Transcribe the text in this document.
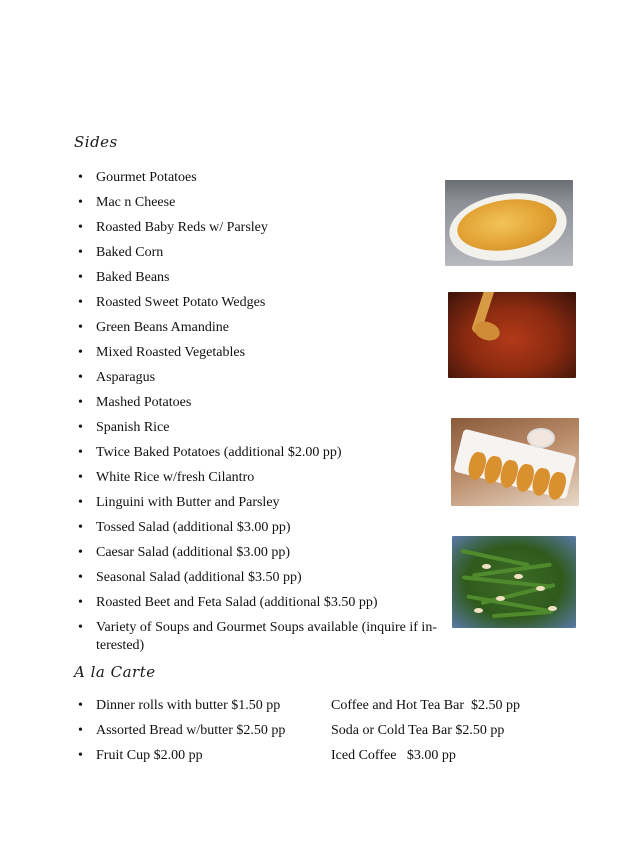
Sides
• Gourmet Potatoes
• Mac n Cheese
• Roasted Baby Reds w/ Parsley
• Baked Corn
• Baked Beans
• Roasted Sweet Potato Wedges
• Green Beans Amandine
• Mixed Roasted Vegetables
• Asparagus
• Mashed Potatoes
• Spanish Rice
• Twice Baked Potatoes (additional $2.00 pp)
• White Rice w/fresh Cilantro
• Linguini with Butter and Parsley
• Tossed Salad (additional $3.00 pp)
• Caesar Salad (additional $3.00 pp)
• Seasonal Salad (additional $3.50 pp)
• Roasted Beet and Feta Salad (additional $3.50 pp)
• Variety of Soups and Gourmet Soups available (inquire if in-terested)
A la Carte
• Dinner rolls with butter $1.50 pp
• Assorted Bread w/butter $2.50 pp
• Fruit Cup $2.00 pp
Coffee and Hot Tea Bar  $2.50 pp
Soda or Cold Tea Bar $2.50 pp
Iced Coffee   $3.00 pp
